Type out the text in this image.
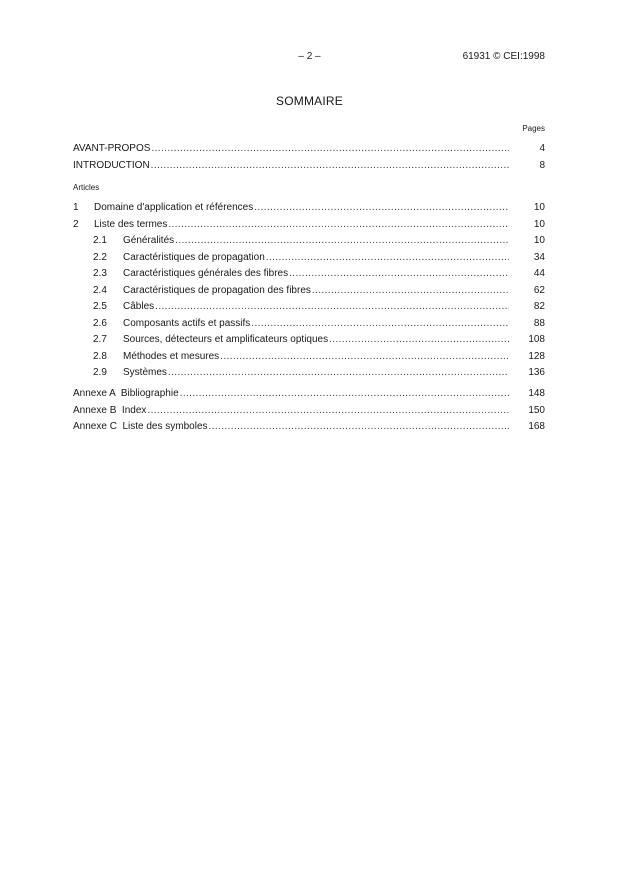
– 2 –	61931 © CEI:1998
SOMMAIRE
Pages
AVANT-PROPOS .....	4
INTRODUCTION .....	8
Articles
1	Domaine d'application et références .....	10
2	Liste des termes .....	10
2.1	Généralités .....	10
2.2	Caractéristiques de propagation .....	34
2.3	Caractéristiques générales des fibres .....	44
2.4	Caractéristiques de propagation des fibres .....	62
2.5	Câbles .....	82
2.6	Composants actifs et passifs .....	88
2.7	Sources, détecteurs et amplificateurs optiques .....	108
2.8	Méthodes et mesures .....	128
2.9	Systèmes .....	136
Annexe A  Bibliographie .....	148
Annexe B  Index .....	150
Annexe C  Liste des symboles .....	168
